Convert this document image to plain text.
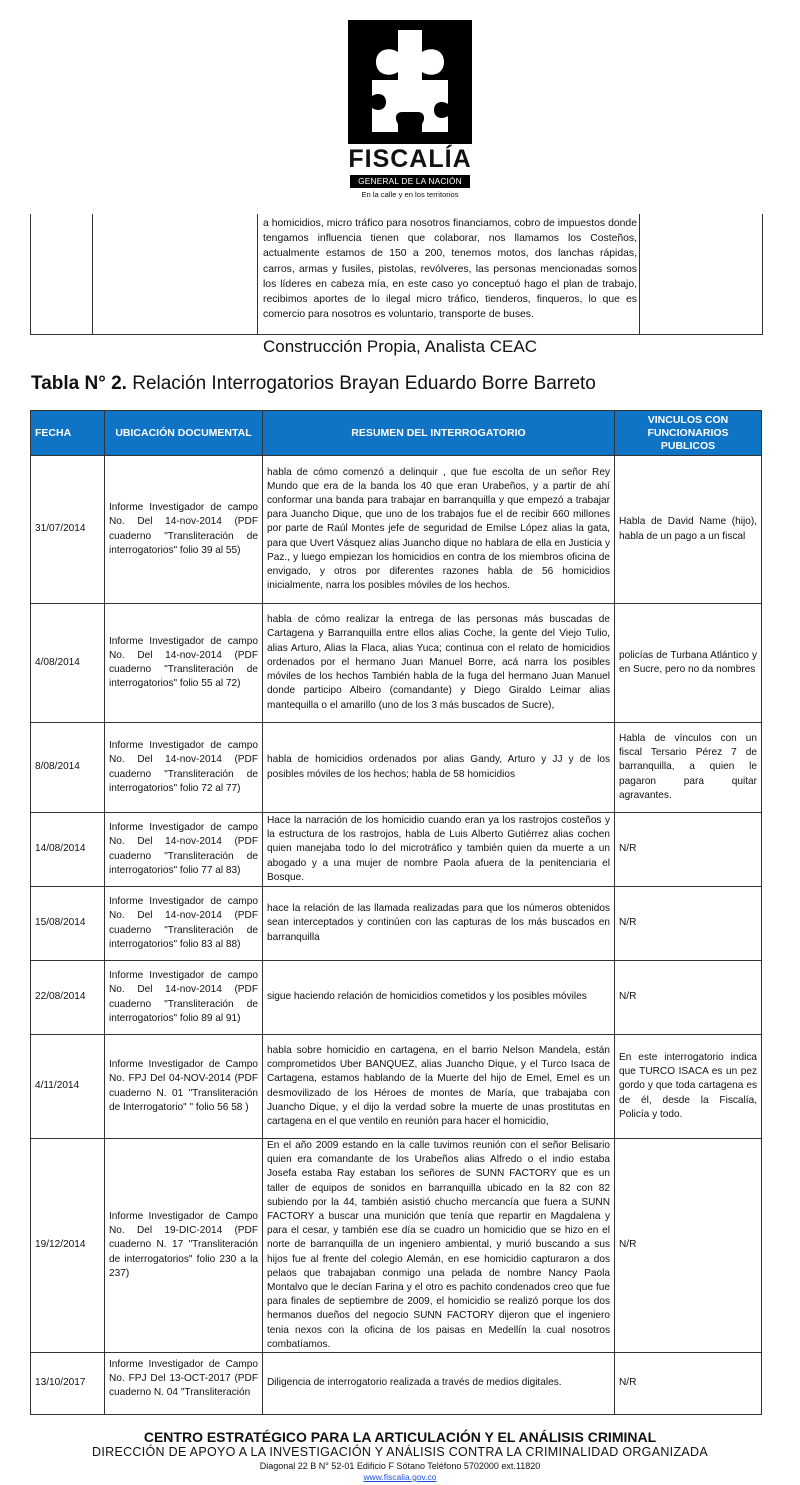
FISCALÍA
GENERAL DE LA NACIÓN
En la calle y en los territorios
a homicidios, micro tráfico para nosotros financiamos, cobro de impuestos donde tengamos influencia tienen que colaborar, nos llamamos los Costeños, actualmente estamos de 150 a 200, tenemos motos, dos lanchas rápidas, carros, armas y fusiles, pistolas, revólveres, las personas mencionadas somos los líderes en cabeza mía, en este caso yo conceptuó hago el plan de trabajo, recibimos aportes de lo ilegal micro tráfico, tienderos, finqueros, lo que es comercio para nosotros es voluntario, transporte de buses.
Construcción Propia, Analista CEAC
Tabla N° 2. Relación Interrogatorios Brayan Eduardo Borre Barreto
FECHA	UBICACIÓN DOCUMENTAL	RESUMEN DEL INTERROGATORIO	VINCULOS CON FUNCIONARIOS PUBLICOS
31/07/2014	Informe Investigador de campo No. Del 14-nov-2014 (PDF cuaderno "Transliteración de interrogatorios" folio 39 al 55)	habla de cómo comenzó a delinquir , que fue escolta de un señor Rey Mundo que era de la banda los 40 que eran Urabeños, y a partir de ahí conformar una banda para trabajar en barranquilla y que empezó a trabajar para Juancho Dique, que uno de los trabajos fue el de recibir 660 millones por parte de Raúl Montes jefe de seguridad de Emilse López alias la gata, para que Uvert Vásquez alias Juancho dique no hablara de ella en Justicia y Paz., y luego empiezan los homicidios en contra de los miembros oficina de envigado, y otros por diferentes razones habla de 56 homicidios inicialmente, narra los posibles móviles de los hechos.	Habla de David Name (hijo), habla de un pago a un fiscal
4/08/2014	Informe Investigador de campo No. Del 14-nov-2014 (PDF cuaderno "Transliteración de interrogatorios" folio 55 al 72)	habla de cómo realizar la entrega de las personas más buscadas de Cartagena y Barranquilla entre ellos alias Coche, la gente del Viejo Tulio, alias Arturo, Alias la Flaca, alias Yuca; continua con el relato de homicidios ordenados por el hermano Juan Manuel Borre, acá narra los posibles móviles de los hechos También habla de la fuga del hermano Juan Manuel donde participo Albeiro (comandante) y Diego Giraldo Leimar alias mantequilla o el amarillo (uno de los 3 más buscados de Sucre),	policías de Turbana Atlántico y en Sucre, pero no da nombres
8/08/2014	Informe Investigador de campo No. Del 14-nov-2014 (PDF cuaderno "Transliteración de interrogatorios" folio 72 al 77)	habla de homicidios ordenados por alias Gandy, Arturo y JJ y de los posibles móviles de los hechos; habla de 58 homicidios	Habla de vínculos con un fiscal Tersario Pérez 7 de barranquilla, a quien le pagaron para quitar agravantes.
14/08/2014	Informe Investigador de campo No. Del 14-nov-2014 (PDF cuaderno "Transliteración de interrogatorios" folio 77 al 83)	Hace la narración de los homicidio cuando eran ya los rastrojos costeños y la estructura de los rastrojos, habla de Luis Alberto Gutiérrez alias cochen quien manejaba todo lo del microtráfico y también quien da muerte a un abogado y a una mujer de nombre Paola afuera de la penitenciaria el Bosque.	N/R
15/08/2014	Informe Investigador de campo No. Del 14-nov-2014 (PDF cuaderno "Transliteración de interrogatorios" folio 83 al 88)	hace la relación de las llamada realizadas para que los números obtenidos sean interceptados y continúen con las capturas de los más buscados en barranquilla	N/R
22/08/2014	Informe Investigador de campo No. Del 14-nov-2014 (PDF cuaderno "Transliteración de interrogatorios" folio 89 al 91)	sigue haciendo relación de homicidios cometidos y los posibles móviles	N/R
4/11/2014	Informe Investigador de Campo No. FPJ Del 04-NOV-2014 (PDF cuaderno N. 01 "Transliteración de Interrogatorio" " folio 56 58 )	habla sobre homicidio en cartagena, en el barrio Nelson Mandela, están comprometidos Uber BANQUEZ, alias Juancho Dique, y el Turco Isaca de Cartagena, estamos hablando de la Muerte del hijo de Emel, Emel es un desmovilizado de los Héroes de montes de María, que trabajaba con Juancho Dique, y el dijo la verdad sobre la muerte de unas prostitutas en cartagena en el que ventilo en reunión para hacer el homicidio,	En este interrogatorio indica que TURCO ISACA es un pez gordo y que toda cartagena es de él, desde la Fiscalía, Policía y todo.
19/12/2014	Informe Investigador de Campo No. Del 19-DIC-2014 (PDF cuaderno N. 17 "Transliteración de interrogatorios" folio 230 a la 237)	En el año 2009 estando en la calle tuvimos reunión con el señor Belisario quien era comandante de los Urabeños alias Alfredo o el indio estaba Josefa estaba Ray estaban los señores de SUNN FACTORY que es un taller de equipos de sonidos en barranquilla ubicado en la 82 con 82 subiendo por la 44, también asistió chucho mercancía que fuera a SUNN FACTORY a buscar una munición que tenía que repartir en Magdalena y para el cesar, y también ese día se cuadro un homicidio que se hizo en el norte de barranquilla de un ingeniero ambiental, y murió buscando a sus hijos fue al frente del colegio Alemán, en ese homicidio capturaron a dos pelaos que trabajaban conmigo una pelada de nombre Nancy Paola Montalvo que le decían Farina y el otro es pachito condenados creo que fue para finales de septiembre de 2009, el homicidio se realizó porque los dos hermanos dueños del negocio SUNN FACTORY dijeron que el ingeniero tenia nexos con la oficina de los paisas en Medellín la cual nosotros combatíamos.	N/R
13/10/2017	Informe Investigador de Campo No. FPJ Del 13-OCT-2017 (PDF cuaderno N. 04 "Transliteración	Diligencia de interrogatorio realizada a través de medios digitales.	N/R
CENTRO ESTRATÉGICO PARA LA ARTICULACIÓN Y EL ANÁLISIS CRIMINAL
DIRECCIÓN DE APOYO A LA INVESTIGACIÓN Y ANÁLISIS CONTRA LA CRIMINALIDAD ORGANIZADA
Diagonal 22 B N° 52-01 Edificio F Sótano Teléfono 5702000 ext.11820
www.fiscalia.gov.co
